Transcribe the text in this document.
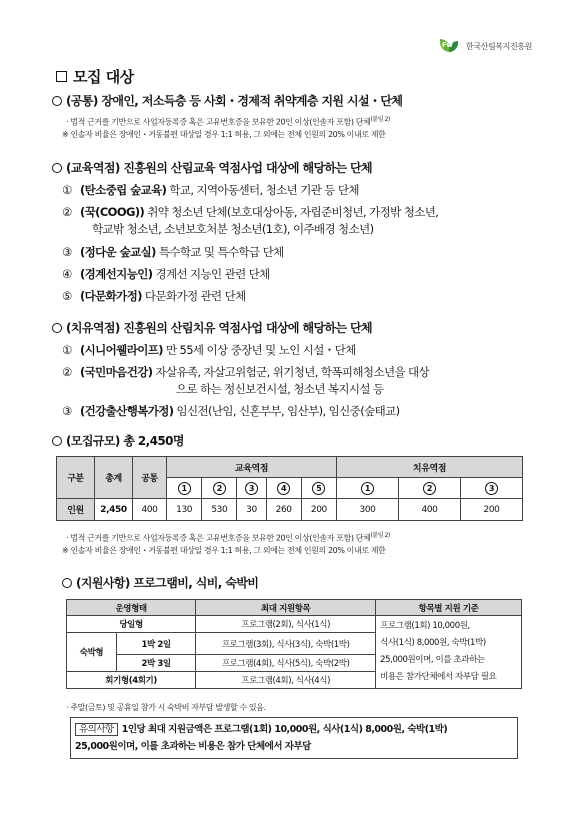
Fw 한국산림복지진흥원
모집 대상
(공통) 장애인, 저소득층 등 사회・경제적 취약계층 지원 시설・단체
‧ 법적 근거를 기반으로 사업자등록증 혹은 고유번호증을 보유한 20인 이상(인솔자 포함) 단체$^{(붙임 2)}$
※ 인솔자 비율은 장애인・거동불편 대상일 경우 1:1 허용, 그 외에는 전체 인원의 20% 이내로 제한
(교육역점) 진흥원의 산림교육 역점사업 대상에 해당하는 단체
① (탄소중립 숲교육) 학교, 지역아동센터, 청소년 기관 등 단체
② (꾹(COOG)) 취약 청소년 단체(보호대상아동, 자립준비청년, 가정밖 청소년,
학교밖 청소년, 소년보호처분 청소년(1호), 이주배경 청소년)
③ (정다운 숲교실) 특수학교 및 특수학급 단체
④ (경계선지능인) 경계선 지능인 관련 단체
⑤ (다문화가정) 다문화가정 관련 단체
(치유역점) 진흥원의 산림치유 역점사업 대상에 해당하는 단체
① (시니어웰라이프) 만 55세 이상 중장년 및 노인 시설・단체
② (국민마음건강) 자살유족, 자살고위험군, 위기청년, 학폭피해청소년을 대상
으로 하는 정신보건시설, 청소년 복지시설 등
③ (건강출산행복가정) 임신전(난임, 신혼부부, 임산부), 임신중(숲태교)
(모집규모) 총 2,450명
구분	총계	공통	교육역점					치유역점		
			1	2	3	4	5	1	2	3
인원	2,450	400	130	530	30	260	200	300	400	200
‧ 법적 근거를 기반으로 사업자등록증 혹은 고유번호증을 보유한 20인 이상(인솔자 포함) 단체$^{(붙임 2)}$
※ 인솔자 비율은 장애인・거동불편 대상일 경우 1:1 허용, 그 외에는 전체 인원의 20% 이내로 제한
(지원사항) 프로그램비, 식비, 숙박비
운영형태		최대 지원항목	항목별 지원 기준
당일형		프로그램(2회), 식사(1식)	프로그램(1회) 10,000원,
식사(1식) 8,000원, 숙박(1박)
25,000원이며, 이를 초과하는
비용은 참가단체에서 자부담 필요

숙박형	1박 2일	프로그램(3회), 식사(3식), 숙박(1박)	
	2박 3일	프로그램(4회), 식사(5식), 숙박(2박)	
회기형(4회기)		프로그램(4회), 식사(4식)	
‧ 주말(금토) 및 공휴일 참가 시 숙박비 자부담 발생할 수 있음.
유의사항 1인당 최대 지원금액은 프로그램(1회) 10,000원, 식사(1식) 8,000원, 숙박(1박)
25,000원이며, 이를 초과하는 비용은 참가 단체에서 자부담
